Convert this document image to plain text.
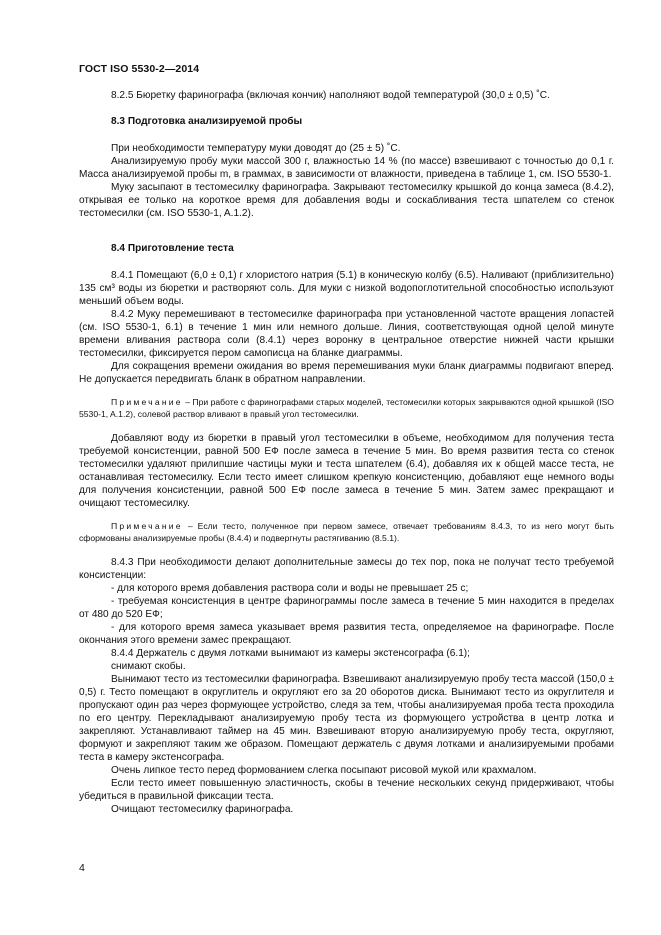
ГОСТ ISO 5530-2—2014

8.2.5 Бюретку фаринографа (включая кончик) наполняют водой температурой (30,0 ± 0,5) ˚С.

8.3 Подготовка анализируемой пробы

При необходимости температуру муки доводят до (25 ± 5) ˚С.

Анализируемую пробу муки массой 300 г, влажностью 14 % (по массе) взвешивают с точностью до 0,1 г. Масса анализируемой пробы m, в граммах, в зависимости от влажности, приведена в таблице 1, см. ISO 5530-1.

Муку засыпают в тестомесилку фаринографа. Закрывают тестомесилку крышкой до конца замеса (8.4.2), открывая ее только на короткое время для добавления воды и соскабливания теста шпателем со стенок тестомесилки (см. ISO 5530-1, A.1.2).

8.4 Приготовление теста

8.4.1 Помещают (6,0 ± 0,1) г хлористого натрия (5.1) в коническую колбу (6.5). Наливают (приблизительно) 135 см³ воды из бюретки и растворяют соль. Для муки с низкой водопоглотительной способностью используют меньший объем воды.

8.4.2 Муку перемешивают в тестомесилке фаринографа при установленной частоте вращения лопастей (см. ISO 5530-1, 6.1) в течение 1 мин или немного дольше. Линия, соответствующая одной целой минуте времени вливания раствора соли (8.4.1) через воронку в центральное отверстие нижней части крышки тестомесилки, фиксируется пером самописца на бланке диаграммы.

Для сокращения времени ожидания во время перемешивания муки бланк диаграммы подвигают вперед. Не допускается передвигать бланк в обратном направлении.

Примечание – При работе с фаринографами старых моделей, тестомесилки которых закрываются одной крышкой (ISO 5530-1, A.1.2), солевой раствор вливают в правый угол тестомесилки.

Добавляют воду из бюретки в правый угол тестомесилки в объеме, необходимом для получения теста требуемой консистенции, равной 500 ЕФ после замеса в течение 5 мин. Во время развития теста со стенок тестомесилки удаляют прилипшие частицы муки и теста шпателем (6.4), добавляя их к общей массе теста, не останавливая тестомесилку. Если тесто имеет слишком крепкую консистенцию, добавляют еще немного воды для получения консистенции, равной 500 ЕФ после замеса в течение 5 мин. Затем замес прекращают и очищают тестомесилку.

Примечание – Если тесто, полученное при первом замесе, отвечает требованиям 8.4.3, то из него могут быть сформованы анализируемые пробы (8.4.4) и подвергнуты растягиванию (8.5.1).

8.4.3 При необходимости делают дополнительные замесы до тех пор, пока не получат тесто требуемой консистенции:

- для которого время добавления раствора соли и воды не превышает 25 с;

- требуемая консистенция в центре фаринограммы после замеса в течение 5 мин находится в пределах от 480 до 520 ЕФ;

- для которого время замеса указывает время развития теста, определяемое на фаринографе. После окончания этого времени замес прекращают.

8.4.4 Держатель с двумя лотками вынимают из камеры экстенсографа (6.1);

снимают скобы.

Вынимают тесто из тестомесилки фаринографа. Взвешивают анализируемую пробу теста массой (150,0 ± 0,5) г. Тесто помещают в округлитель и округляют его за 20 оборотов диска. Вынимают тесто из округлителя и пропускают один раз через формующее устройство, следя за тем, чтобы анализируемая проба теста проходила по его центру. Перекладывают анализируемую пробу теста из формующего устройства в центр лотка и закрепляют. Устанавливают таймер на 45 мин. Взвешивают вторую анализируемую пробу теста, округляют, формуют и закрепляют таким же образом. Помещают держатель с двумя лотками и анализируемыми пробами теста в камеру экстенсографа.

Очень липкое тесто перед формованием слегка посыпают рисовой мукой или крахмалом.

Если тесто имеет повышенную эластичность, скобы в течение нескольких секунд придерживают, чтобы убедиться в правильной фиксации теста.

Очищают тестомесилку фаринографа.

4
